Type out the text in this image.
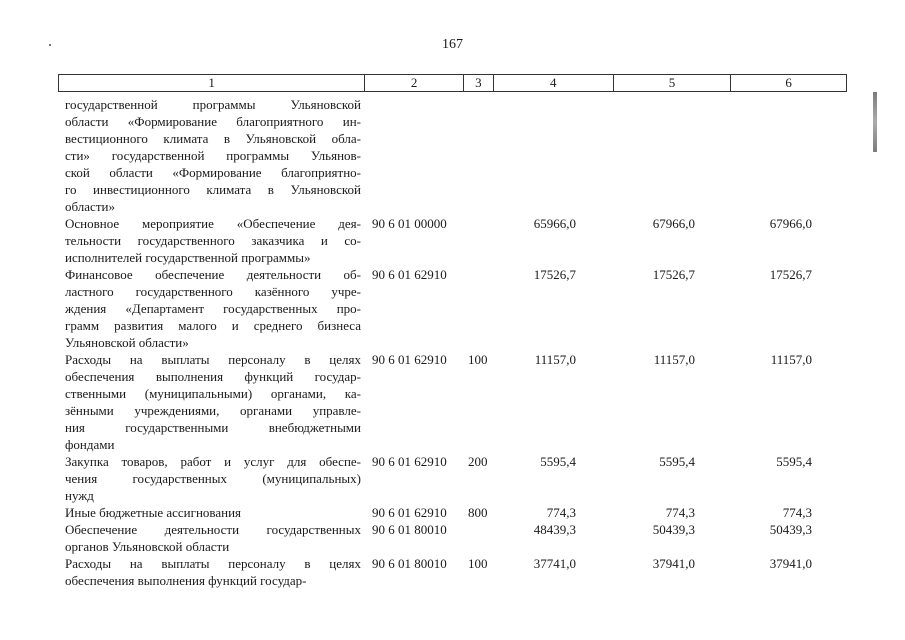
167
1	2	3	4	5	6
государственной программы Ульяновской
области «Формирование благоприятного ин-
вестиционного климата в Ульяновской обла-
сти» государственной программы Ульянов-
ской области «Формирование благоприятно-
го инвестиционного климата в Ульяновской
области»
Основное мероприятие «Обеспечение дея-
тельности государственного заказчика и со-
исполнителей государственной программы»
90 6 01 00000	65966,0	67966,0	67966,0
Финансовое обеспечение деятельности об-
ластного государственного казённого учре-
ждения «Департамент государственных про-
грамм развития малого и среднего бизнеса
Ульяновской области»
90 6 01 62910	17526,7	17526,7	17526,7
Расходы на выплаты персоналу в целях
обеспечения выполнения функций государ-
ственными (муниципальными) органами, ка-
зёнными учреждениями, органами управле-
ния государственными внебюджетными
фондами
90 6 01 62910 100	11157,0	11157,0	11157,0
Закупка товаров, работ и услуг для обеспе-
чения государственных (муниципальных)
нужд
90 6 01 62910 200	5595,4	5595,4	5595,4
Иные бюджетные ассигнования	90 6 01 62910 800	774,3	774,3	774,3
Обеспечение деятельности государственных
органов Ульяновской области
90 6 01 80010	48439,3	50439,3	50439,3
Расходы на выплаты персоналу в целях
обеспечения выполнения функций государ-
90 6 01 80010 100	37741,0	37941,0	37941,0
